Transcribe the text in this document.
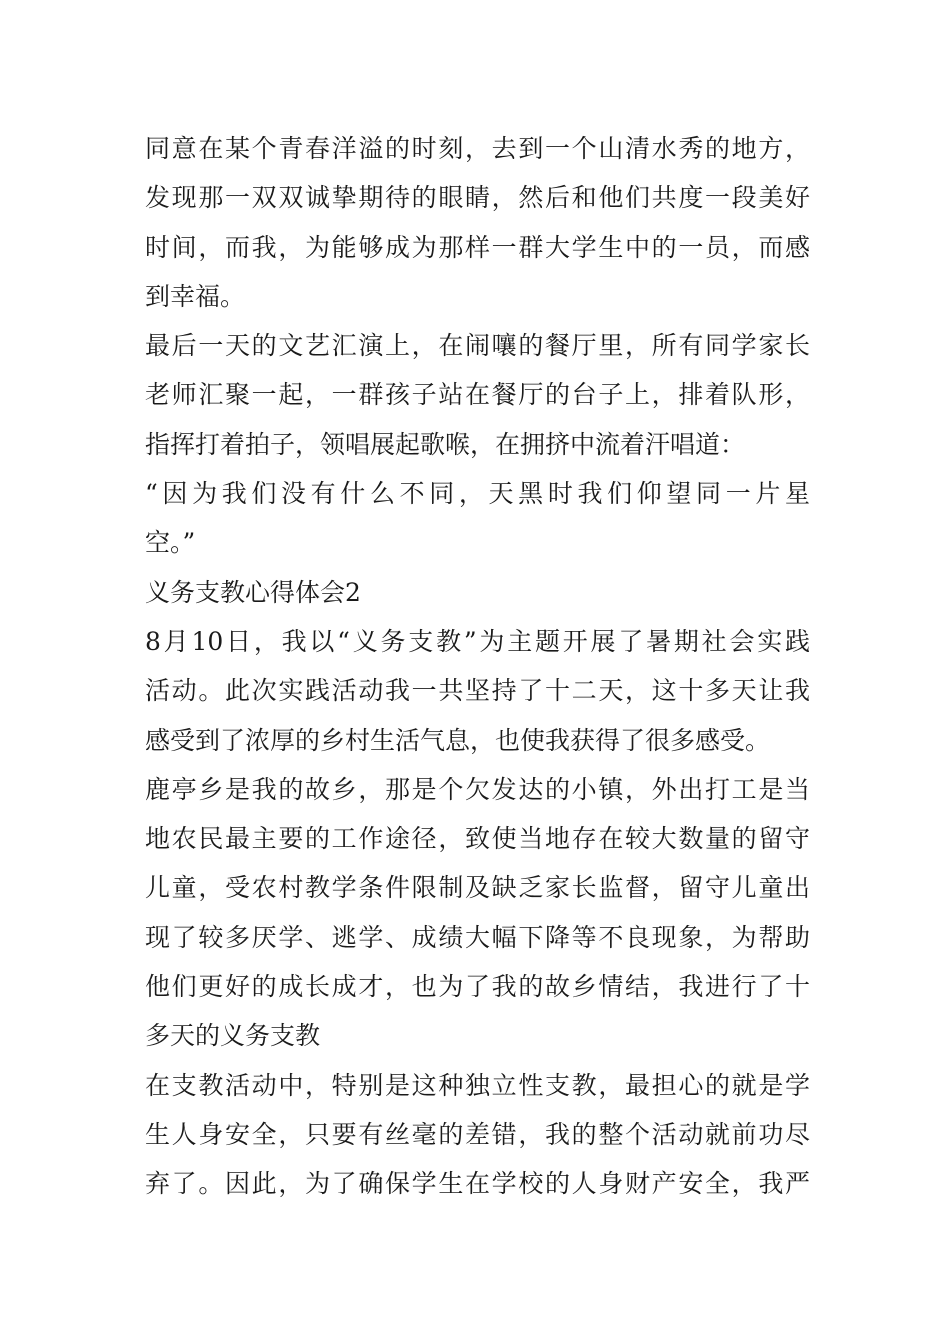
同意在某个青春洋溢的时刻，去到一个山清水秀的地方，
发现那一双双诚挚期待的眼睛，然后和他们共度一段美好
时间，而我，为能够成为那样一群大学生中的一员，而感
到幸福。
最后一天的文艺汇演上，在闹嚷的餐厅里，所有同学家长
老师汇聚一起，一群孩子站在餐厅的台子上，排着队形，
指挥打着拍子，领唱展起歌喉，在拥挤中流着汗唱道：
“因为我们没有什么不同，天黑时我们仰望同一片星
空。”
义务支教心得体会2
8月10日，我以“义务支教”为主题开展了暑期社会实践
活动。此次实践活动我一共坚持了十二天，这十多天让我
感受到了浓厚的乡村生活气息，也使我获得了很多感受。
鹿亭乡是我的故乡，那是个欠发达的小镇，外出打工是当
地农民最主要的工作途径，致使当地存在较大数量的留守
儿童，受农村教学条件限制及缺乏家长监督，留守儿童出
现了较多厌学、逃学、成绩大幅下降等不良现象，为帮助
他们更好的成长成才，也为了我的故乡情结，我进行了十
多天的义务支教
在支教活动中，特别是这种独立性支教，最担心的就是学
生人身安全，只要有丝毫的差错，我的整个活动就前功尽
弃了。因此，为了确保学生在学校的人身财产安全，我严
